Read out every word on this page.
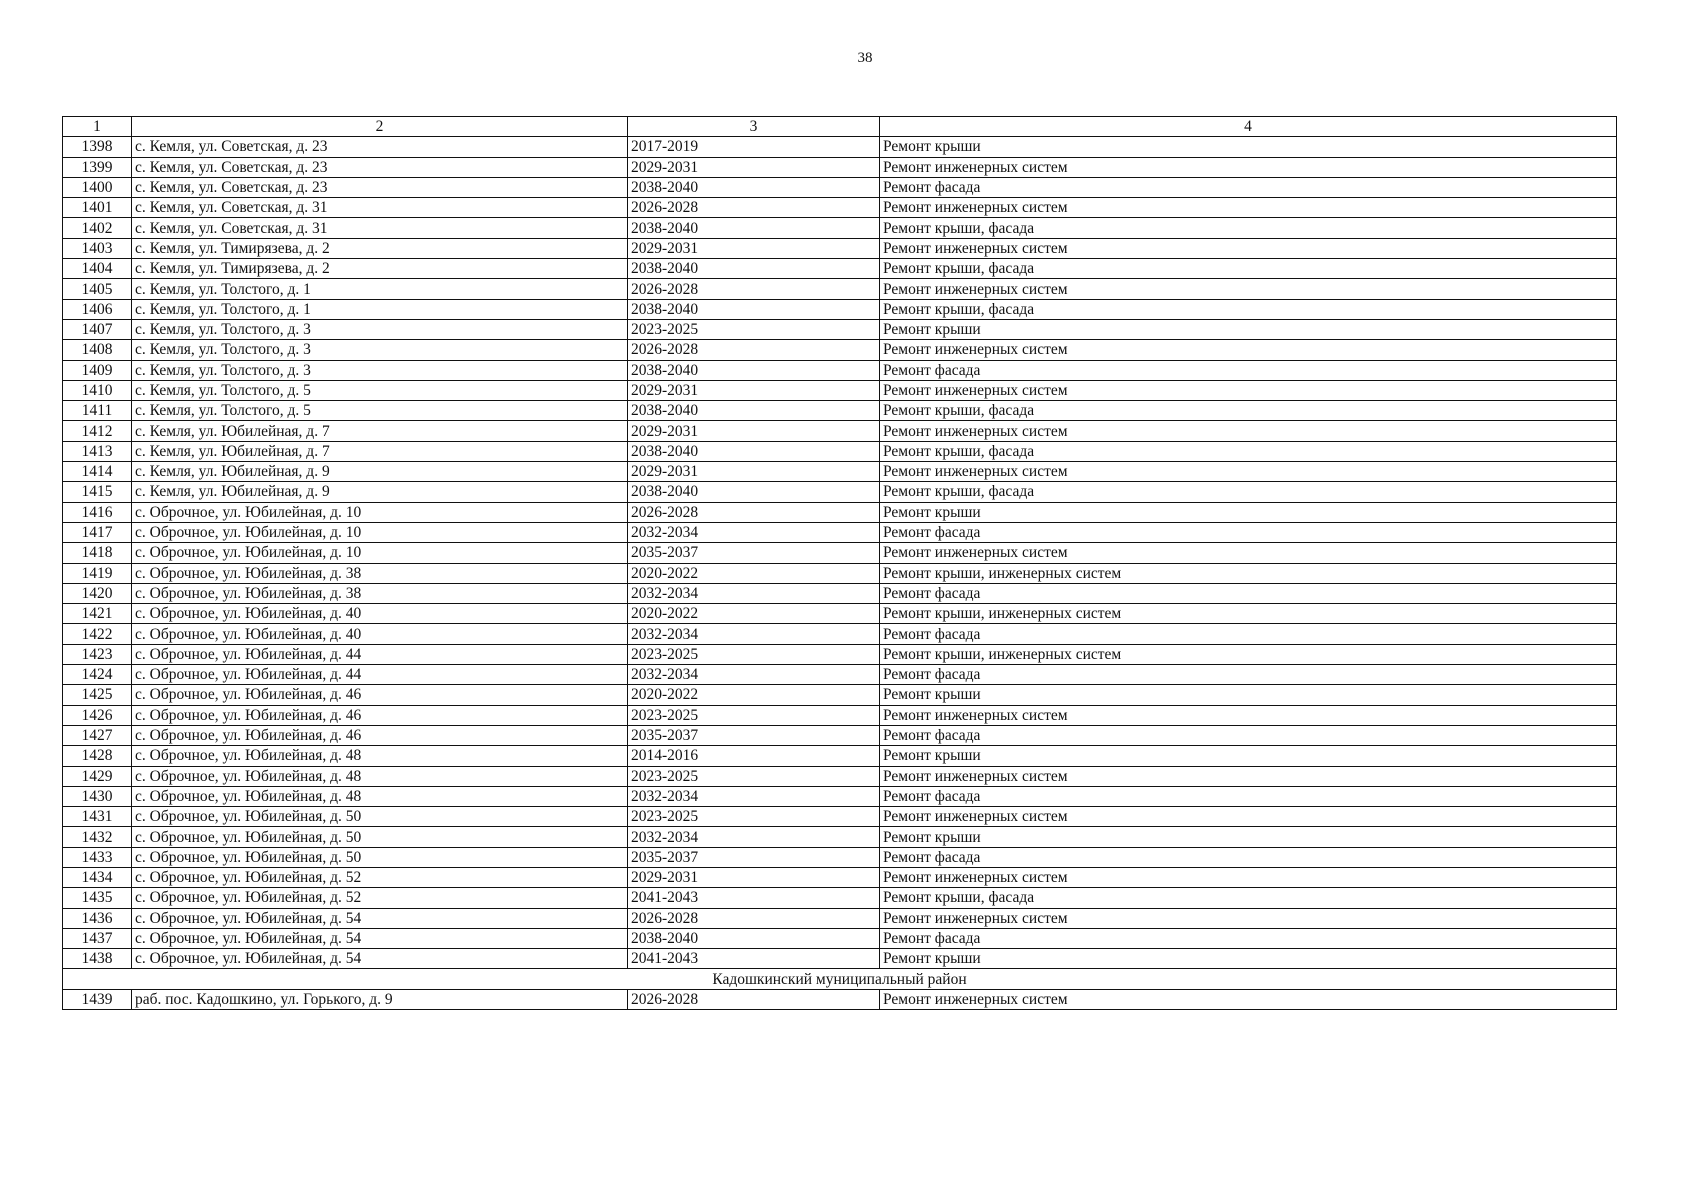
38
1	2	3	4
1398	с. Кемля, ул. Советская, д. 23	2017-2019	Ремонт крыши
1399	с. Кемля, ул. Советская, д. 23	2029-2031	Ремонт инженерных систем
1400	с. Кемля, ул. Советская, д. 23	2038-2040	Ремонт фасада
1401	с. Кемля, ул. Советская, д. 31	2026-2028	Ремонт инженерных систем
1402	с. Кемля, ул. Советская, д. 31	2038-2040	Ремонт крыши, фасада
1403	с. Кемля, ул. Тимирязева, д. 2	2029-2031	Ремонт инженерных систем
1404	с. Кемля, ул. Тимирязева, д. 2	2038-2040	Ремонт крыши, фасада
1405	с. Кемля, ул. Толстого, д. 1	2026-2028	Ремонт инженерных систем
1406	с. Кемля, ул. Толстого, д. 1	2038-2040	Ремонт крыши, фасада
1407	с. Кемля, ул. Толстого, д. 3	2023-2025	Ремонт крыши
1408	с. Кемля, ул. Толстого, д. 3	2026-2028	Ремонт инженерных систем
1409	с. Кемля, ул. Толстого, д. 3	2038-2040	Ремонт фасада
1410	с. Кемля, ул. Толстого, д. 5	2029-2031	Ремонт инженерных систем
1411	с. Кемля, ул. Толстого, д. 5	2038-2040	Ремонт крыши, фасада
1412	с. Кемля, ул. Юбилейная, д. 7	2029-2031	Ремонт инженерных систем
1413	с. Кемля, ул. Юбилейная, д. 7	2038-2040	Ремонт крыши, фасада
1414	с. Кемля, ул. Юбилейная, д. 9	2029-2031	Ремонт инженерных систем
1415	с. Кемля, ул. Юбилейная, д. 9	2038-2040	Ремонт крыши, фасада
1416	с. Оброчное, ул. Юбилейная, д. 10	2026-2028	Ремонт крыши
1417	с. Оброчное, ул. Юбилейная, д. 10	2032-2034	Ремонт фасада
1418	с. Оброчное, ул. Юбилейная, д. 10	2035-2037	Ремонт инженерных систем
1419	с. Оброчное, ул. Юбилейная, д. 38	2020-2022	Ремонт крыши, инженерных систем
1420	с. Оброчное, ул. Юбилейная, д. 38	2032-2034	Ремонт фасада
1421	с. Оброчное, ул. Юбилейная, д. 40	2020-2022	Ремонт крыши, инженерных систем
1422	с. Оброчное, ул. Юбилейная, д. 40	2032-2034	Ремонт фасада
1423	с. Оброчное, ул. Юбилейная, д. 44	2023-2025	Ремонт крыши, инженерных систем
1424	с. Оброчное, ул. Юбилейная, д. 44	2032-2034	Ремонт фасада
1425	с. Оброчное, ул. Юбилейная, д. 46	2020-2022	Ремонт крыши
1426	с. Оброчное, ул. Юбилейная, д. 46	2023-2025	Ремонт инженерных систем
1427	с. Оброчное, ул. Юбилейная, д. 46	2035-2037	Ремонт фасада
1428	с. Оброчное, ул. Юбилейная, д. 48	2014-2016	Ремонт крыши
1429	с. Оброчное, ул. Юбилейная, д. 48	2023-2025	Ремонт инженерных систем
1430	с. Оброчное, ул. Юбилейная, д. 48	2032-2034	Ремонт фасада
1431	с. Оброчное, ул. Юбилейная, д. 50	2023-2025	Ремонт инженерных систем
1432	с. Оброчное, ул. Юбилейная, д. 50	2032-2034	Ремонт крыши
1433	с. Оброчное, ул. Юбилейная, д. 50	2035-2037	Ремонт фасада
1434	с. Оброчное, ул. Юбилейная, д. 52	2029-2031	Ремонт инженерных систем
1435	с. Оброчное, ул. Юбилейная, д. 52	2041-2043	Ремонт крыши, фасада
1436	с. Оброчное, ул. Юбилейная, д. 54	2026-2028	Ремонт инженерных систем
1437	с. Оброчное, ул. Юбилейная, д. 54	2038-2040	Ремонт фасада
1438	с. Оброчное, ул. Юбилейная, д. 54	2041-2043	Ремонт крыши
Кадошкинский муниципальный район			
1439	раб. пос. Кадошкино, ул. Горького, д. 9	2026-2028	Ремонт инженерных систем
